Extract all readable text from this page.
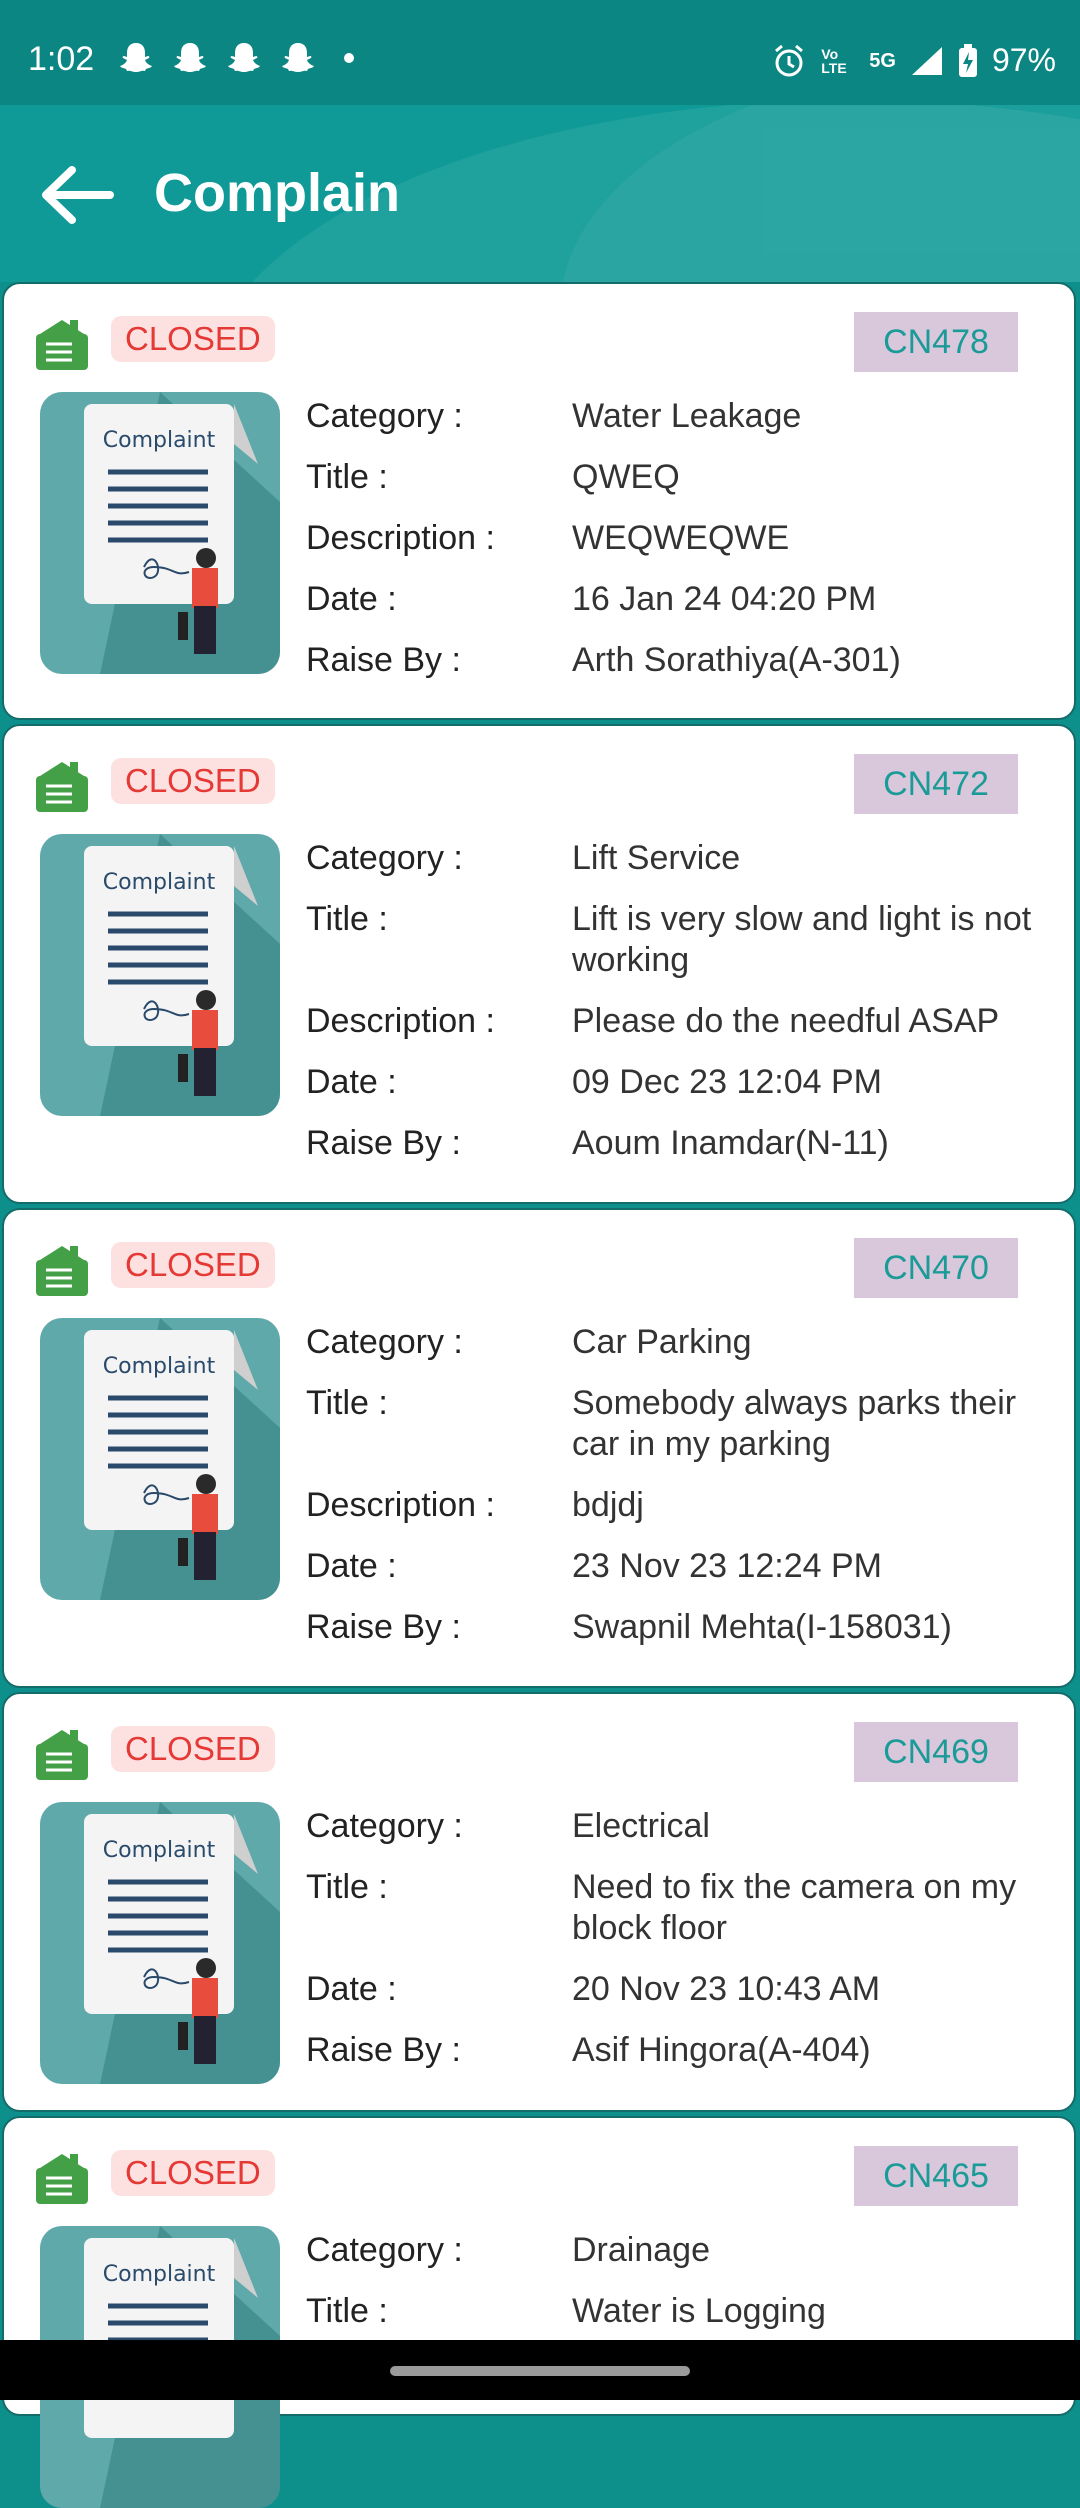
1:02	Vo LTE	5G	97%
Complain
CLOSED	CN478
Complaint
Category :	Water Leakage
Title :	QWEQ
Description :	WEQWEQWE
Date :	16 Jan 24 04:20 PM
Raise By :	Arth Sorathiya(A-301)
CLOSED	CN472
Complaint
Category :	Lift Service
Title :	Lift is very slow and light is not working
Description :	Please do the needful ASAP
Date :	09 Dec 23 12:04 PM
Raise By :	Aoum Inamdar(N-11)
CLOSED	CN470
Complaint
Category :	Car Parking
Title :	Somebody always parks their car in my parking
Description :	bdjdj
Date :	23 Nov 23 12:24 PM
Raise By :	Swapnil Mehta(I-158031)
CLOSED	CN469
Complaint
Category :	Electrical
Title :	Need to fix the camera on my block floor
Date :	20 Nov 23 10:43 AM
Raise By :	Asif Hingora(A-404)
CLOSED	CN465
Complaint
Category :	Drainage
Title :	Water is Logging
